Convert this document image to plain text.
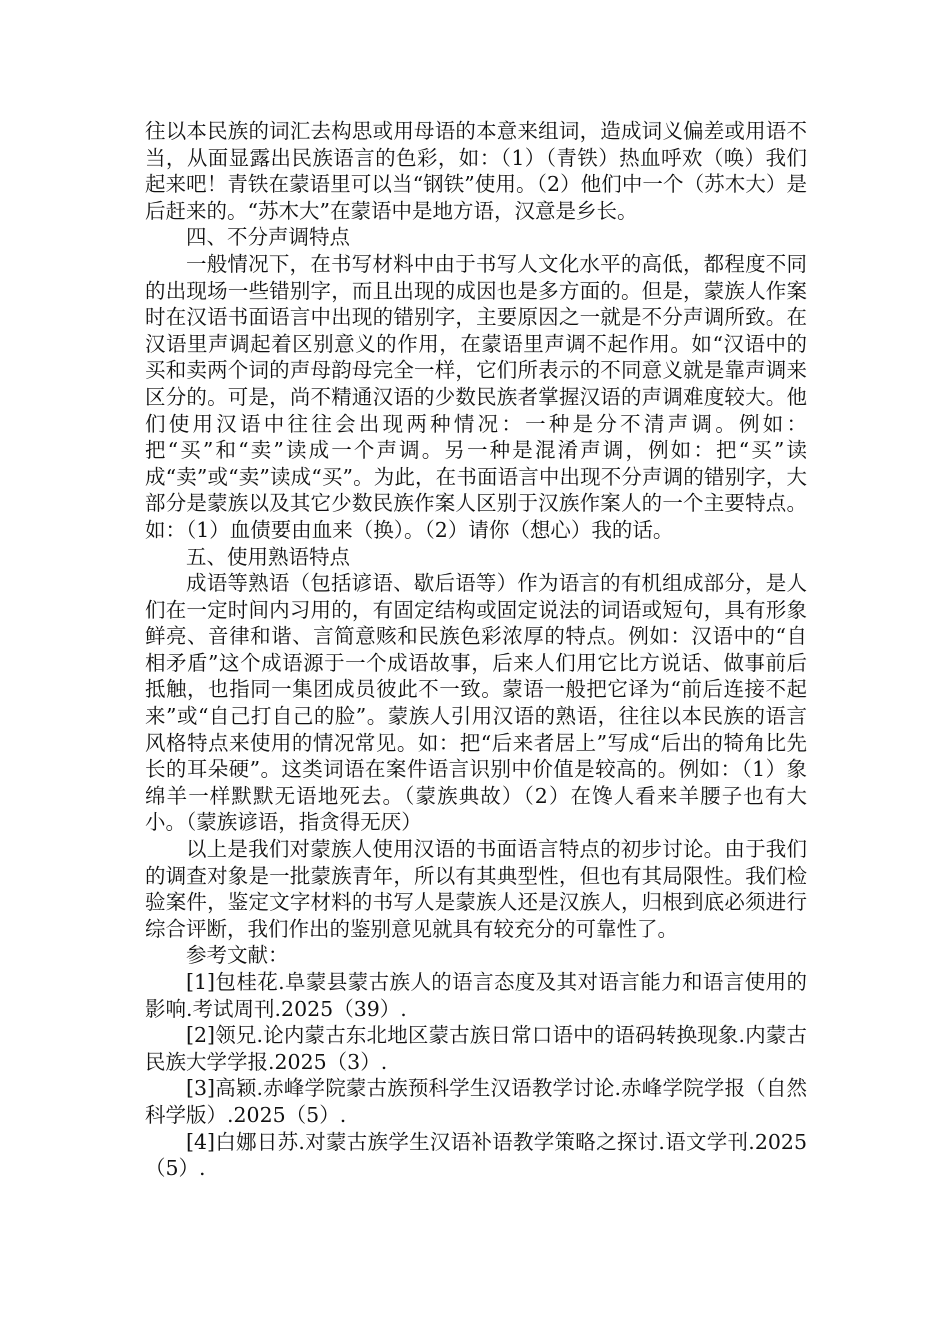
往以本民族的词汇去构思或用母语的本意来组词，造成词义偏差或用语不当，从面显露出民族语言的色彩，如：（1）（青铁）热血呼欢（唤）我们起来吧！青铁在蒙语里可以当“钢铁”使用。（2）他们中一个（苏木大）是后赶来的。“苏木大”在蒙语中是地方语，汉意是乡长。

四、不分声调特点

一般情况下，在书写材料中由于书写人文化水平的高低，都程度不同的出现场一些错别字，而且出现的成因也是多方面的。但是，蒙族人作案时在汉语书面语言中出现的错别字，主要原因之一就是不分声调所致。在汉语里声调起着区别意义的作用，在蒙语里声调不起作用。如“汉语中的买和卖两个词的声母韵母完全一样，它们所表示的不同意义就是靠声调来区分的。可是，尚不精通汉语的少数民族者掌握汉语的声调难度较大。他们使用汉语中往往会出现两种情况：一种是分不清声调。例如：把“买”和“卖”读成一个声调。另一种是混淆声调，例如：把“买”读成“卖”或“卖”读成“买”。为此，在书面语言中出现不分声调的错别字，大部分是蒙族以及其它少数民族作案人区别于汉族作案人的一个主要特点。如：（1）血债要由血来（换）。（2）请你（想心）我的话。

五、使用熟语特点

成语等熟语（包括谚语、歇后语等）作为语言的有机组成部分，是人们在一定时间内习用的，有固定结构或固定说法的词语或短句，具有形象鲜亮、音律和谐、言简意赅和民族色彩浓厚的特点。例如：汉语中的“自相矛盾”这个成语源于一个成语故事，后来人们用它比方说话、做事前后抵触，也指同一集团成员彼此不一致。蒙语一般把它译为“前后连接不起来”或“自己打自己的脸”。蒙族人引用汉语的熟语，往往以本民族的语言风格特点来使用的情况常见。如：把“后来者居上”写成“后出的犄角比先长的耳朵硬”。这类词语在案件语言识别中价值是较高的。例如：（1）象绵羊一样默默无语地死去。（蒙族典故）（2）在馋人看来羊腰子也有大小。（蒙族谚语，指贪得无厌）

以上是我们对蒙族人使用汉语的书面语言特点的初步讨论。由于我们的调查对象是一批蒙族青年，所以有其典型性，但也有其局限性。我们检验案件，鉴定文字材料的书写人是蒙族人还是汉族人，归根到底必须进行综合评断，我们作出的鉴别意见就具有较充分的可靠性了。

参考文献：

[1]包桂花.阜蒙县蒙古族人的语言态度及其对语言能力和语言使用的影响.考试周刊.2025（39）.

[2]领兄.论内蒙古东北地区蒙古族日常口语中的语码转换现象.内蒙古民族大学学报.2025（3）.

[3]高颖.赤峰学院蒙古族预科学生汉语教学讨论.赤峰学院学报（自然科学版）.2025（5）.

[4]白娜日苏.对蒙古族学生汉语补语教学策略之探讨.语文学刊.2025（5）.
